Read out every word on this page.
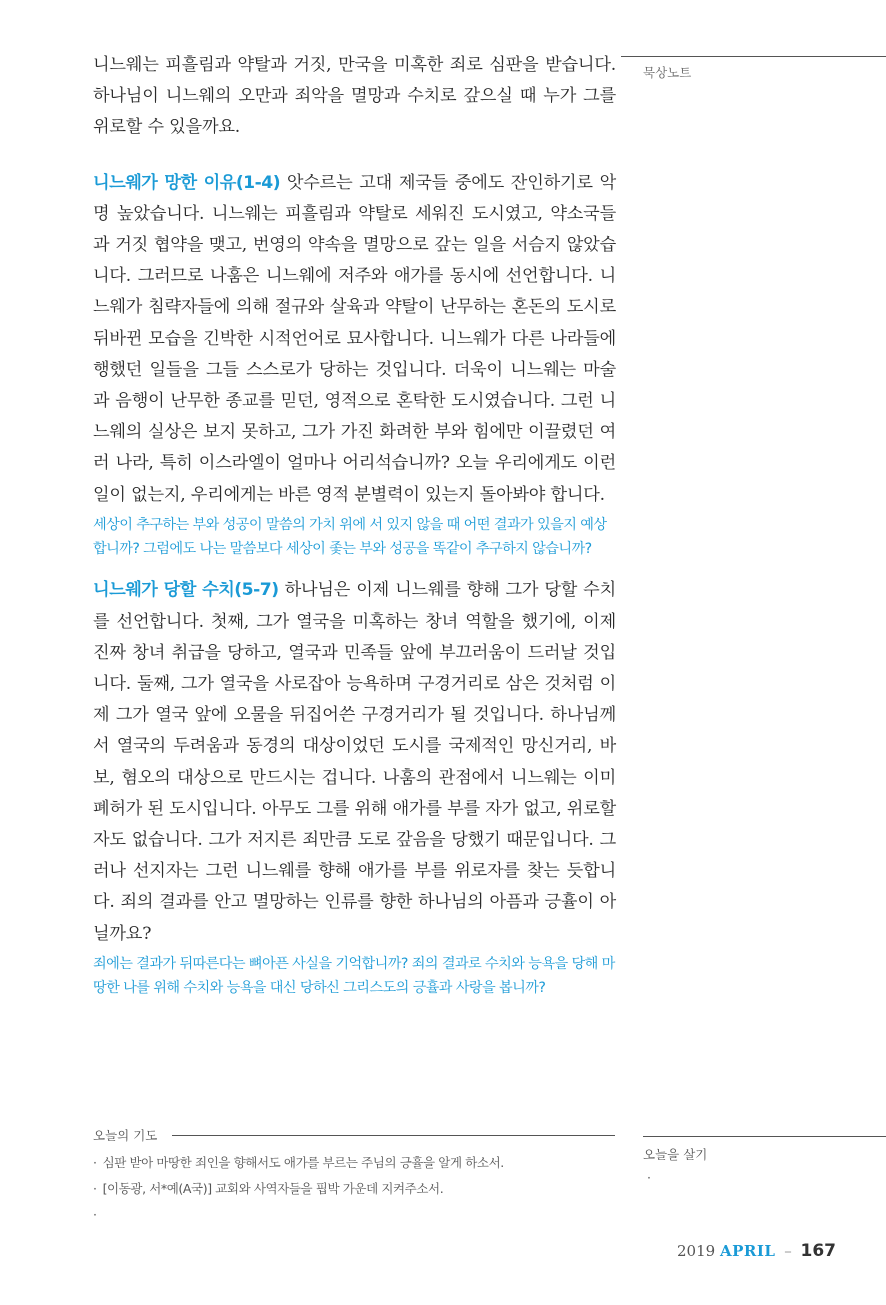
묵상노트

니느웨는 피흘림과 약탈과 거짓, 만국을 미혹한 죄로 심판을 받습니다. 하나님이 니느웨의 오만과 죄악을 멸망과 수치로 갚으실 때 누가 그를 위로할 수 있을까요.

니느웨가 망한 이유(1-4) 앗수르는 고대 제국들 중에도 잔인하기로 악명 높았습니다. 니느웨는 피흘림과 약탈로 세워진 도시였고, 약소국들과 거짓 협약을 맺고, 번영의 약속을 멸망으로 갚는 일을 서슴지 않았습니다. 그러므로 나훔은 니느웨에 저주와 애가를 동시에 선언합니다. 니느웨가 침략자들에 의해 절규와 살육과 약탈이 난무하는 혼돈의 도시로 뒤바뀐 모습을 긴박한 시적언어로 묘사합니다. 니느웨가 다른 나라들에 행했던 일들을 그들 스스로가 당하는 것입니다. 더욱이 니느웨는 마술과 음행이 난무한 종교를 믿던, 영적으로 혼탁한 도시였습니다. 그런 니느웨의 실상은 보지 못하고, 그가 가진 화려한 부와 힘에만 이끌렸던 여러 나라, 특히 이스라엘이 얼마나 어리석습니까? 오늘 우리에게도 이런 일이 없는지, 우리에게는 바른 영적 분별력이 있는지 돌아봐야 합니다.

세상이 추구하는 부와 성공이 말씀의 가치 위에 서 있지 않을 때 어떤 결과가 있을지 예상합니까? 그럼에도 나는 말씀보다 세상이 좇는 부와 성공을 똑같이 추구하지 않습니까?

니느웨가 당할 수치(5-7) 하나님은 이제 니느웨를 향해 그가 당할 수치를 선언합니다. 첫째, 그가 열국을 미혹하는 창녀 역할을 했기에, 이제 진짜 창녀 취급을 당하고, 열국과 민족들 앞에 부끄러움이 드러날 것입니다. 둘째, 그가 열국을 사로잡아 능욕하며 구경거리로 삼은 것처럼 이제 그가 열국 앞에 오물을 뒤집어쓴 구경거리가 될 것입니다. 하나님께서 열국의 두려움과 동경의 대상이었던 도시를 국제적인 망신거리, 바보, 혐오의 대상으로 만드시는 겁니다. 나훔의 관점에서 니느웨는 이미 폐허가 된 도시입니다. 아무도 그를 위해 애가를 부를 자가 없고, 위로할 자도 없습니다. 그가 저지른 죄만큼 도로 갚음을 당했기 때문입니다. 그러나 선지자는 그런 니느웨를 향해 애가를 부를 위로자를 찾는 듯합니다. 죄의 결과를 안고 멸망하는 인류를 향한 하나님의 아픔과 긍휼이 아닐까요?

죄에는 결과가 뒤따른다는 뼈아픈 사실을 기억합니까? 죄의 결과로 수치와 능욕을 당해 마땅한 나를 위해 수치와 능욕을 대신 당하신 그리스도의 긍휼과 사랑을 봅니까?

오늘의 기도
· 심판 받아 마땅한 죄인을 향해서도 애가를 부르는 주님의 긍휼을 알게 하소서.
· [이동광, 서*예(A국)] 교회와 사역자들을 핍박 가운데 지켜주소서.
·
오늘을 살기
·
2019 APRIL – 167
